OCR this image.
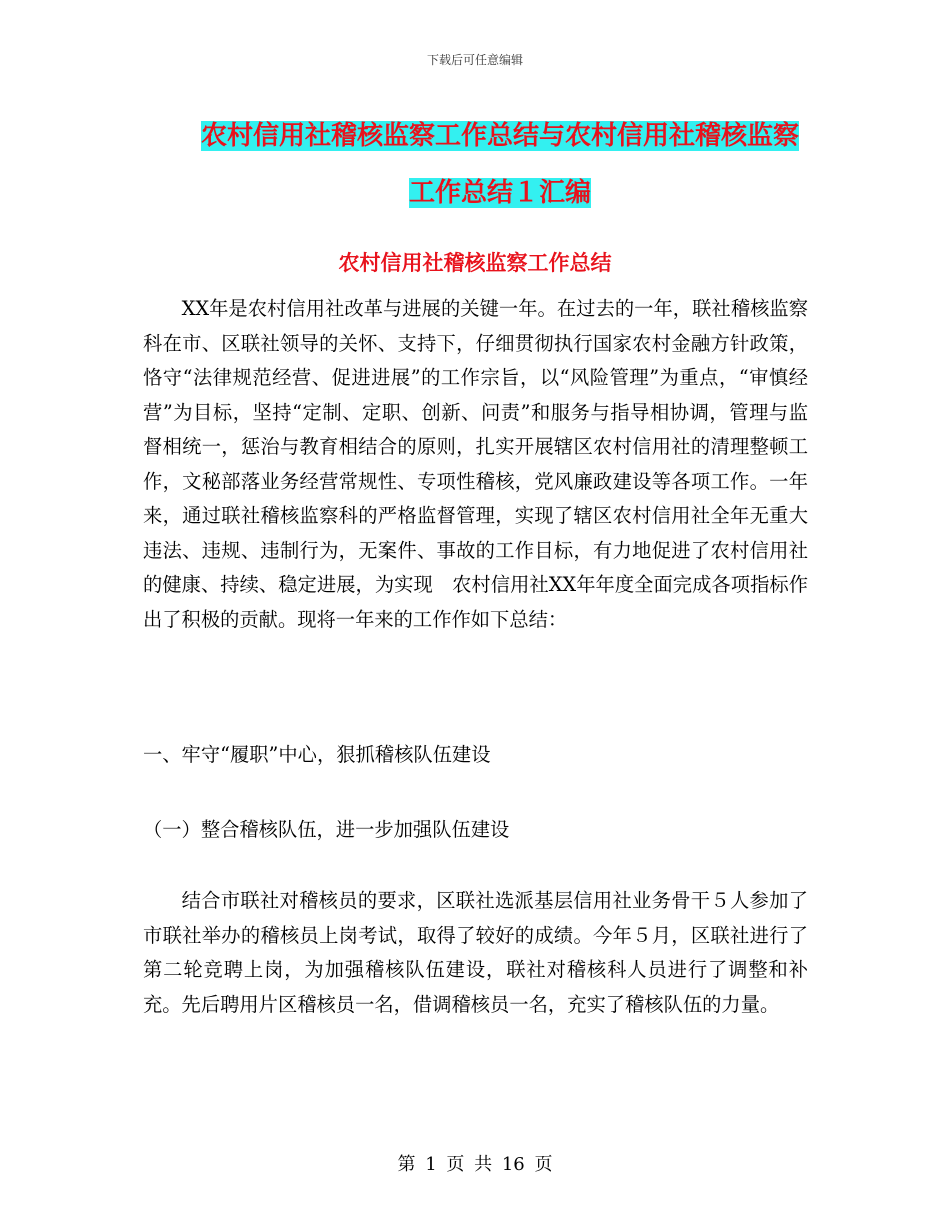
下载后可任意编辑
农村信用社稽核监察工作总结与农村信用社稽核监察
工作总结１汇编
农村信用社稽核监察工作总结

XX年是农村信用社改革与进展的关键一年。在过去的一年，联社稽核监察科在市、区联社领导的关怀、支持下，仔细贯彻执行国家农村金融方针政策，恪守“法律规范经营、促进进展”的工作宗旨，以“风险管理”为重点，“审慎经营”为目标，坚持“定制、定职、创新、问责”和服务与指导相协调，管理与监督相统一，惩治与教育相结合的原则，扎实开展辖区农村信用社的清理整顿工作，文秘部落业务经营常规性、专项性稽核，党风廉政建设等各项工作。一年来，通过联社稽核监察科的严格监督管理，实现了辖区农村信用社全年无重大违法、违规、违制行为，无案件、事故的工作目标，有力地促进了农村信用社的健康、持续、稳定进展，为实现　农村信用社XX年年度全面完成各项指标作出了积极的贡献。现将一年来的工作作如下总结：

一、牢守“履职”中心，狠抓稽核队伍建设

（一）整合稽核队伍，进一步加强队伍建设

结合市联社对稽核员的要求，区联社选派基层信用社业务骨干５人参加了市联社举办的稽核员上岗考试，取得了较好的成绩。今年５月，区联社进行了第二轮竞聘上岗，为加强稽核队伍建设，联社对稽核科人员进行了调整和补充。先后聘用片区稽核员一名，借调稽核员一名，充实了稽核队伍的力量。

第 1 页 共 16 页
